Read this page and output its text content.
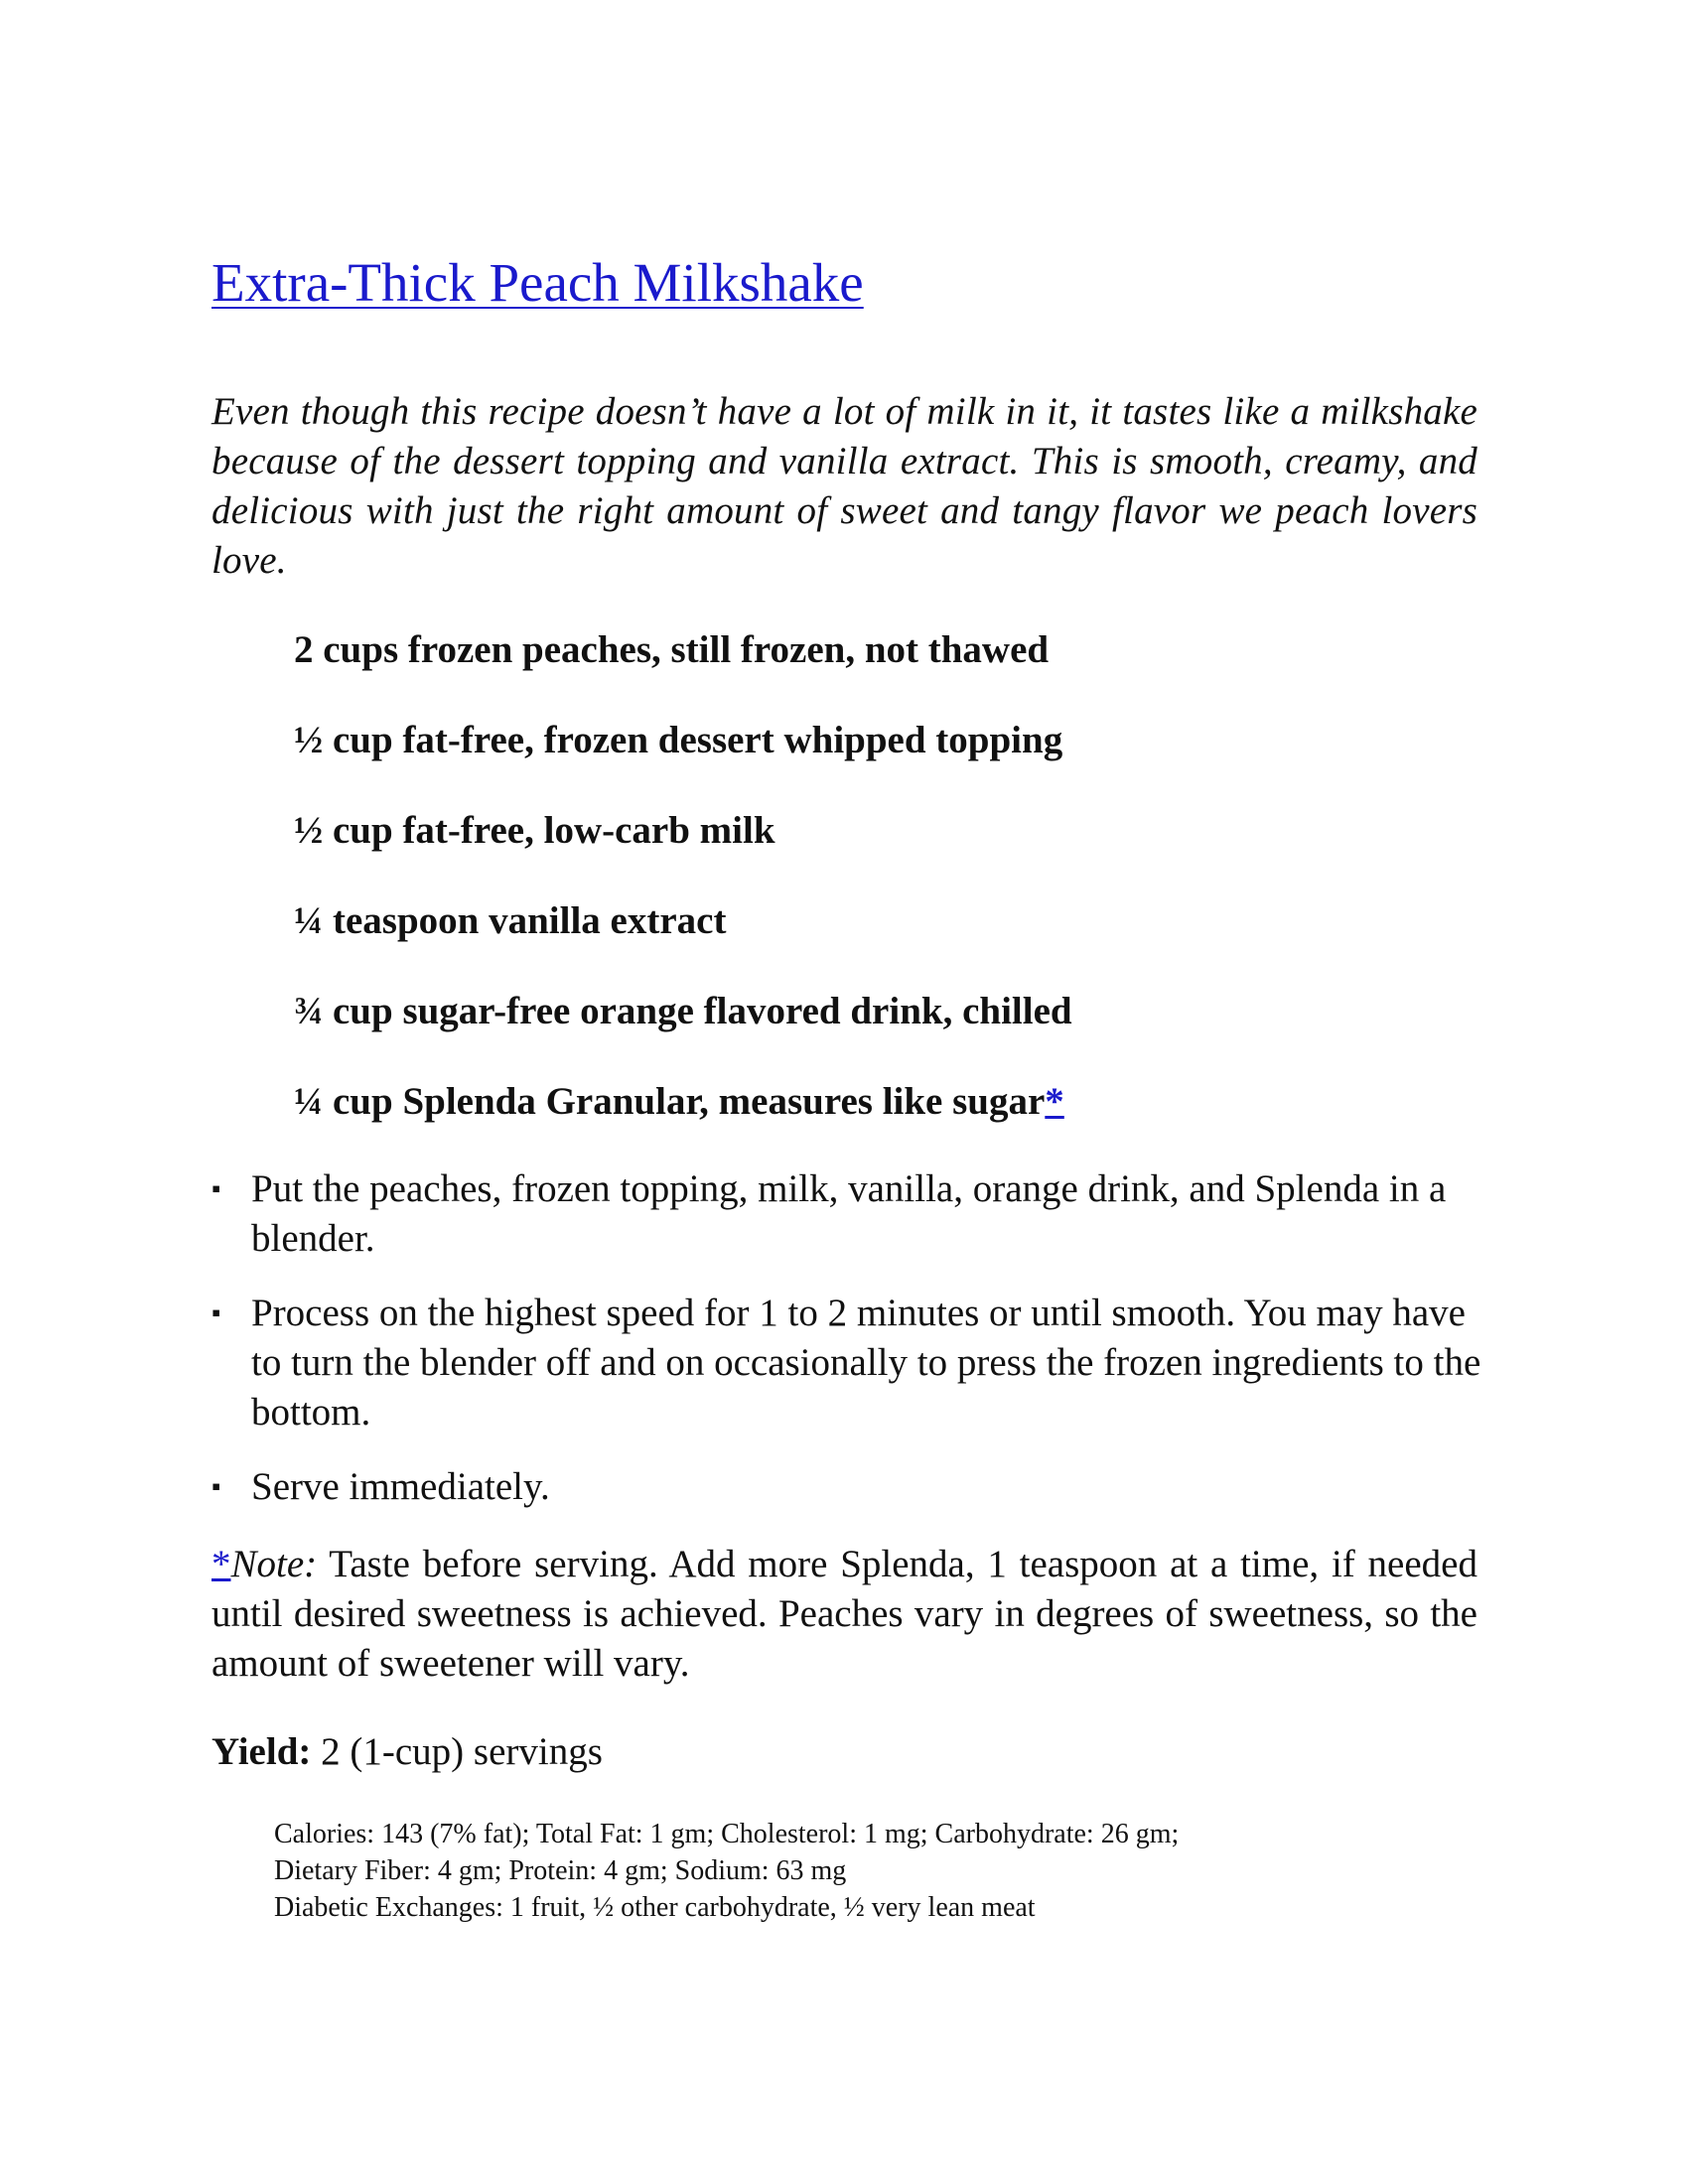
Extra-Thick Peach Milkshake

Even though this recipe doesn’t have a lot of milk in it, it tastes like a milkshake because of the dessert topping and vanilla extract. This is smooth, creamy, and delicious with just the right amount of sweet and tangy flavor we peach lovers love.

2 cups frozen peaches, still frozen, not thawed
½ cup fat-free, frozen dessert whipped topping
½ cup fat-free, low-carb milk
¼ teaspoon vanilla extract
¾ cup sugar-free orange flavored drink, chilled
¼ cup Splenda Granular, measures like sugar*
▪ Put the peaches, frozen topping, milk, vanilla, orange drink, and Splenda in a blender.
▪ Process on the highest speed for 1 to 2 minutes or until smooth. You may have to turn the blender off and on occasionally to press the frozen ingredients to the bottom.
▪ Serve immediately.

*Note: Taste before serving. Add more Splenda, 1 teaspoon at a time, if needed until desired sweetness is achieved. Peaches vary in degrees of sweetness, so the amount of sweetener will vary.

Yield: 2 (1-cup) servings

Calories: 143 (7% fat); Total Fat: 1 gm; Cholesterol: 1 mg; Carbohydrate: 26 gm;
Dietary Fiber: 4 gm; Protein: 4 gm; Sodium: 63 mg
Diabetic Exchanges: 1 fruit, ½ other carbohydrate, ½ very lean meat
